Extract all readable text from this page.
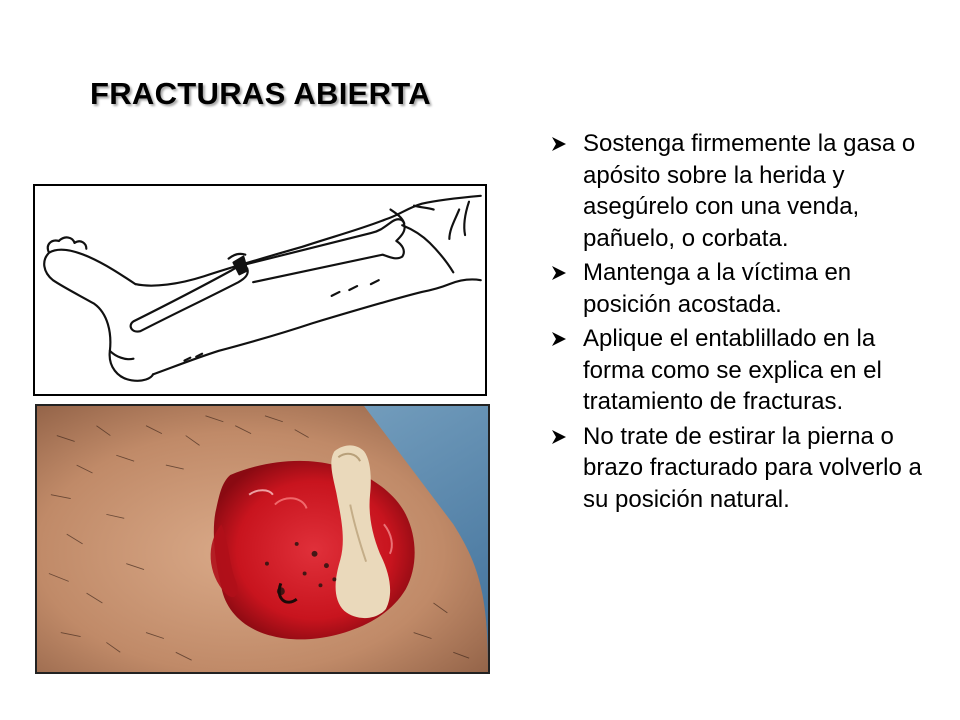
FRACTURAS ABIERTA
Sostenga firmemente la gasa o apósito sobre la herida y asegúrelo con una venda, pañuelo, o corbata.
Mantenga a la víctima en posición acostada.
Aplique el entablillado en la forma como se explica en el tratamiento de fracturas.
No trate de estirar la pierna o brazo fracturado para volverlo a su posición natural.
